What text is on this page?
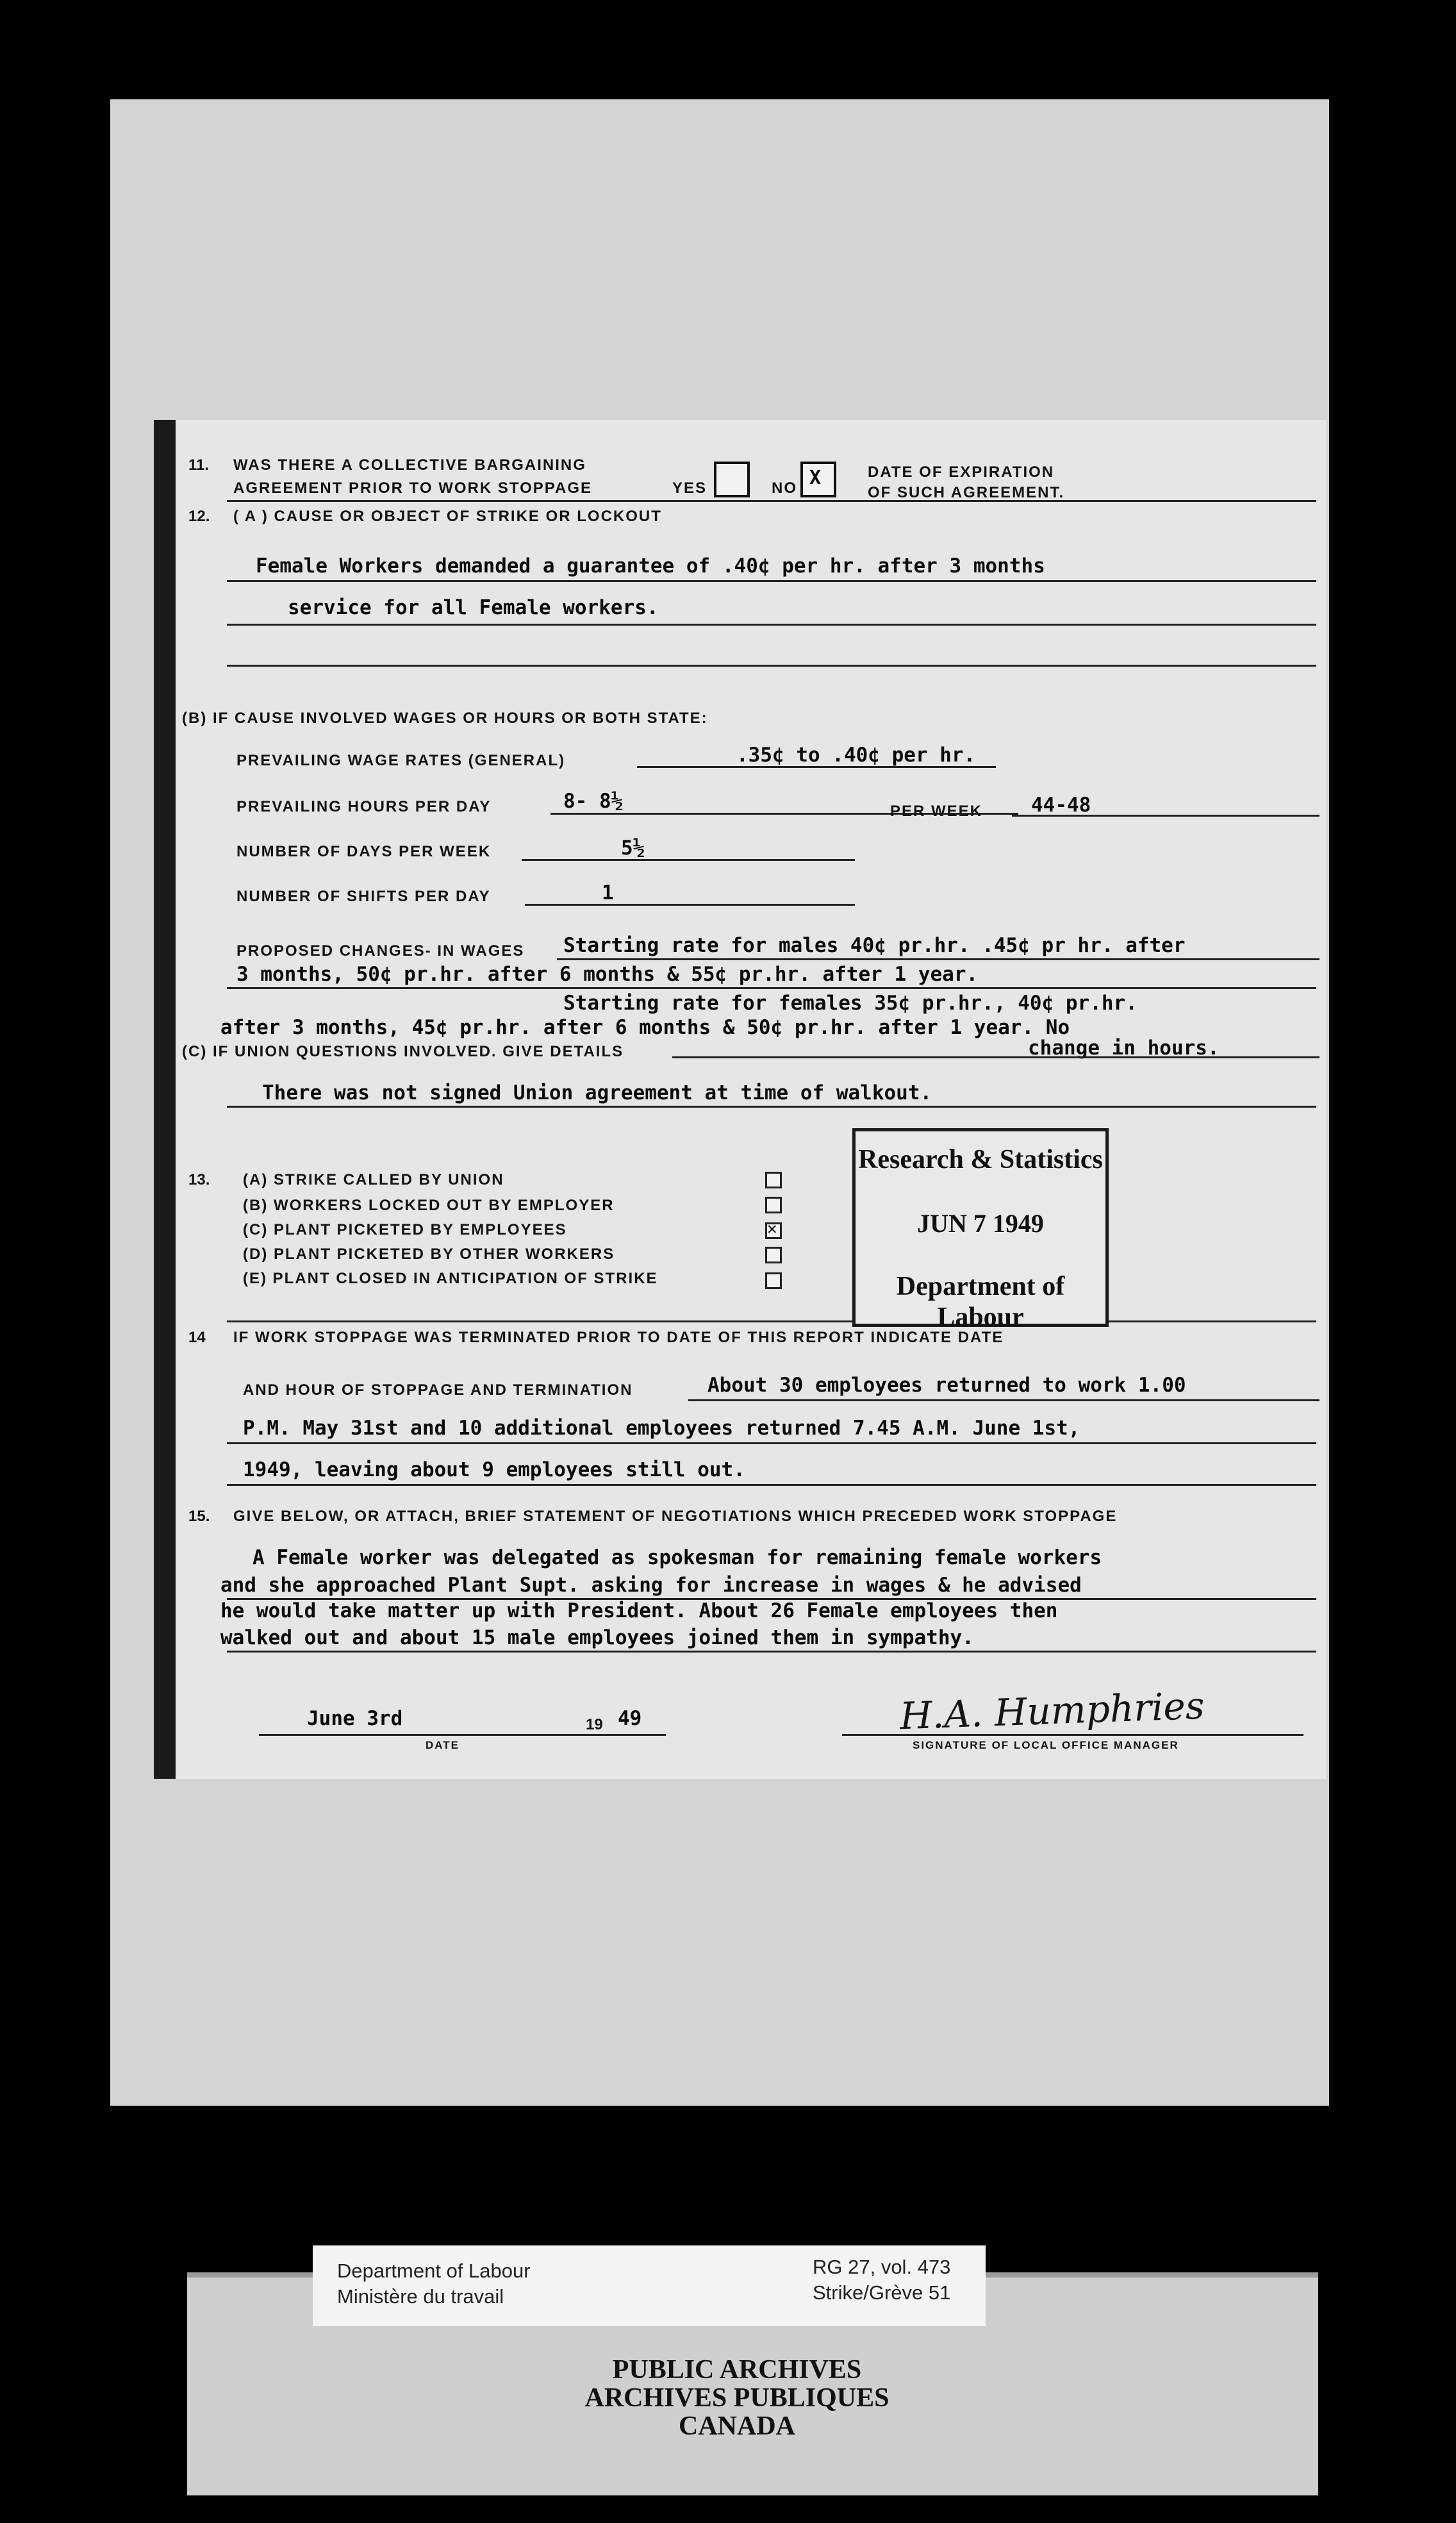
11. WAS THERE A COLLECTIVE BARGAINING
AGREEMENT PRIOR TO WORK STOPPAGE	YES	NO X	DATE OF EXPIRATION
OF SUCH AGREEMENT.
12. ( A ) CAUSE OR OBJECT OF STRIKE OR LOCKOUT
Female Workers demanded a guarantee of .40¢ per hr. after 3 months
service for all Female workers.
(B) IF CAUSE INVOLVED WAGES OR HOURS OR BOTH STATE:
PREVAILING WAGE RATES (GENERAL)	.35¢ to .40¢ per hr.
PREVAILING HOURS PER DAY	8- 8½	PER WEEK 44-48
NUMBER OF DAYS PER WEEK	5½
NUMBER OF SHIFTS PER DAY	1
PROPOSED CHANGES- IN WAGES Starting rate for males 40¢ pr.hr. .45¢ pr hr. after
3 months, 50¢ pr.hr. after 6 months & 55¢ pr.hr. after 1 year.
Starting rate for females 35¢ pr.hr., 40¢ pr.hr.
after 3 months, 45¢ pr.hr. after 6 months & 50¢ pr.hr. after 1 year. No
(C) IF UNION QUESTIONS INVOLVED. GIVE DETAILS	change in hours.
There was not signed Union agreement at time of walkout.
13. (A) STRIKE CALLED BY UNION
(B) WORKERS LOCKED OUT BY EMPLOYER
(C) PLANT PICKETED BY EMPLOYEES	✕
(D) PLANT PICKETED BY OTHER WORKERS
(E) PLANT CLOSED IN ANTICIPATION OF STRIKE
14 IF WORK STOPPAGE WAS TERMINATED PRIOR TO DATE OF THIS REPORT INDICATE DATE
AND HOUR OF STOPPAGE AND TERMINATION	About 30 employees returned to work 1.00
P.M. May 31st and 10 additional employees returned 7.45 A.M. June 1st,
1949, leaving about 9 employees still out.
15. GIVE BELOW, OR ATTACH, BRIEF STATEMENT OF NEGOTIATIONS WHICH PRECEDED WORK STOPPAGE
A Female worker was delegated as spokesman for remaining female workers
and she approached Plant Supt. asking for increase in wages & he advised
he would take matter up with President. About 26 Female employees then
walked out and about 15 male employees joined them in sympathy.
June 3rd
DATE
19 49	H.A. Humphries
SIGNATURE OF LOCAL OFFICE MANAGER
Research & Statistics
JUN 7 1949
Department of Labour
Department of Labour
Ministère du travail
RG 27, vol. 473
Strike/Grève 51
PUBLIC ARCHIVES
ARCHIVES PUBLIQUES
CANADA
